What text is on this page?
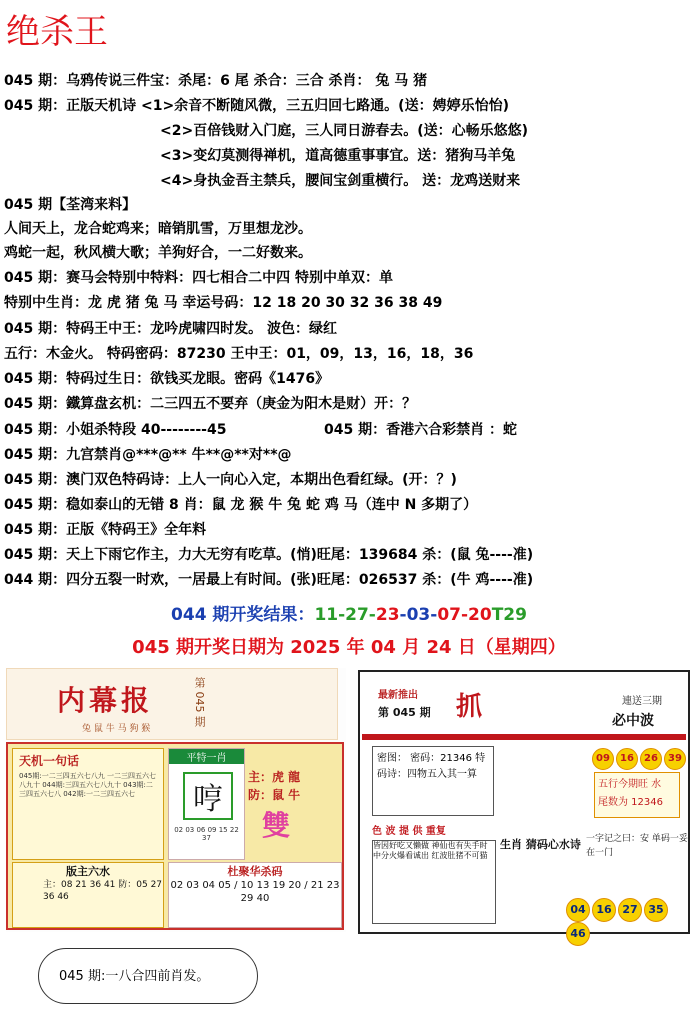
绝杀王
045 期：乌鸦传说三件宝：杀尾：6 尾 杀合：三合 杀肖： 兔 马 猪
045 期：正版天机诗 <1>余音不断随风微，三五归回七路通。(送：娉婷乐怡怡)
<2>百倍钱财入门庭，三人同日游春去。(送：心畅乐悠悠)
<3>变幻莫测得禅机，道高德重事事宜。送：猪狗马羊兔
<4>身执金吾主禁兵，腰间宝剑重横行。 送：龙鸡送财来
045 期【荃湾来料】
人间天上，龙合蛇鸡来；暗销肌雪，万里想龙沙。
鸡蛇一起，秋风横大歌；羊狗好合，一二好数来。
045 期：赛马会特别中特料：四七相合二中四 特别中单双：单
特别中生肖：龙 虎 猪 兔 马 幸运号码：12 18 20 30 32 36 38 49
045 期：特码王中王：龙吟虎啸四时发。 波色：绿红
五行：木金火。 特码密码：87230 王中王：01，09，13，16，18，36
045 期：特码过生日：欲钱买龙眼。密码《1476》
045 期：鐵算盘玄机：二三四五不要弃（庚金为阳木是财）开：？
045 期：小姐杀特段 40--------45	045 期：香港六合彩禁肖 ：蛇
045 期：九宫禁肖@***@** 牛**@**对**@
045 期：澳门双色特码诗：上人一向心入定，本期出色看红绿。(开：？)
045 期：稳如泰山的无错 8 肖：鼠 龙 猴 牛 兔 蛇 鸡 马（连中 N 多期了）
045 期：正版《特码王》全年料
045 期：天上下雨它作主，力大无穷有吃草。(悄)旺尾：139684 杀：(鼠 兔----准)
044 期：四分五裂一时欢，一居最上有时间。(张)旺尾：026537 杀：(牛 鸡----准)
044 期开奖结果：11-27-23-03-07-20T29
045 期开奖日期为 2025 年 04 月 24 日（星期四）
内幕报	第 045 期
兔 鼠 牛 马 狗 猴
天机一句话
045期:一二三四五六七八九 一二三四五六七八九十 044期:三四五六七八九十 043期:二三四五六七八 042期:一二三四五六七
平特一肖
哼
02 03 06 09 15 22 37
主：虎 龍
防：鼠 牛
雙
版主六水
主：08 21 36 41 防：05 27 36 46
杜聚华杀码
02 03 04 05 / 10 13 19 20 / 21 23 29 40
最新推出
第 045 期 抓	連送三期
必中波
密图： 密码：21346 特码诗：四物五入其一算
09 16 26 39
五行今期旺 水
尾数为 12346
色 波 提 供 重复
皆因好吃又懒做 神仙也有失手时 中分火爆看诚出 红波肚猪不可猫
生肖 猜码心水诗 一字记之曰：安 单码一妥在一门
04 16 27 3546
045 期:一八合四前肖发。
